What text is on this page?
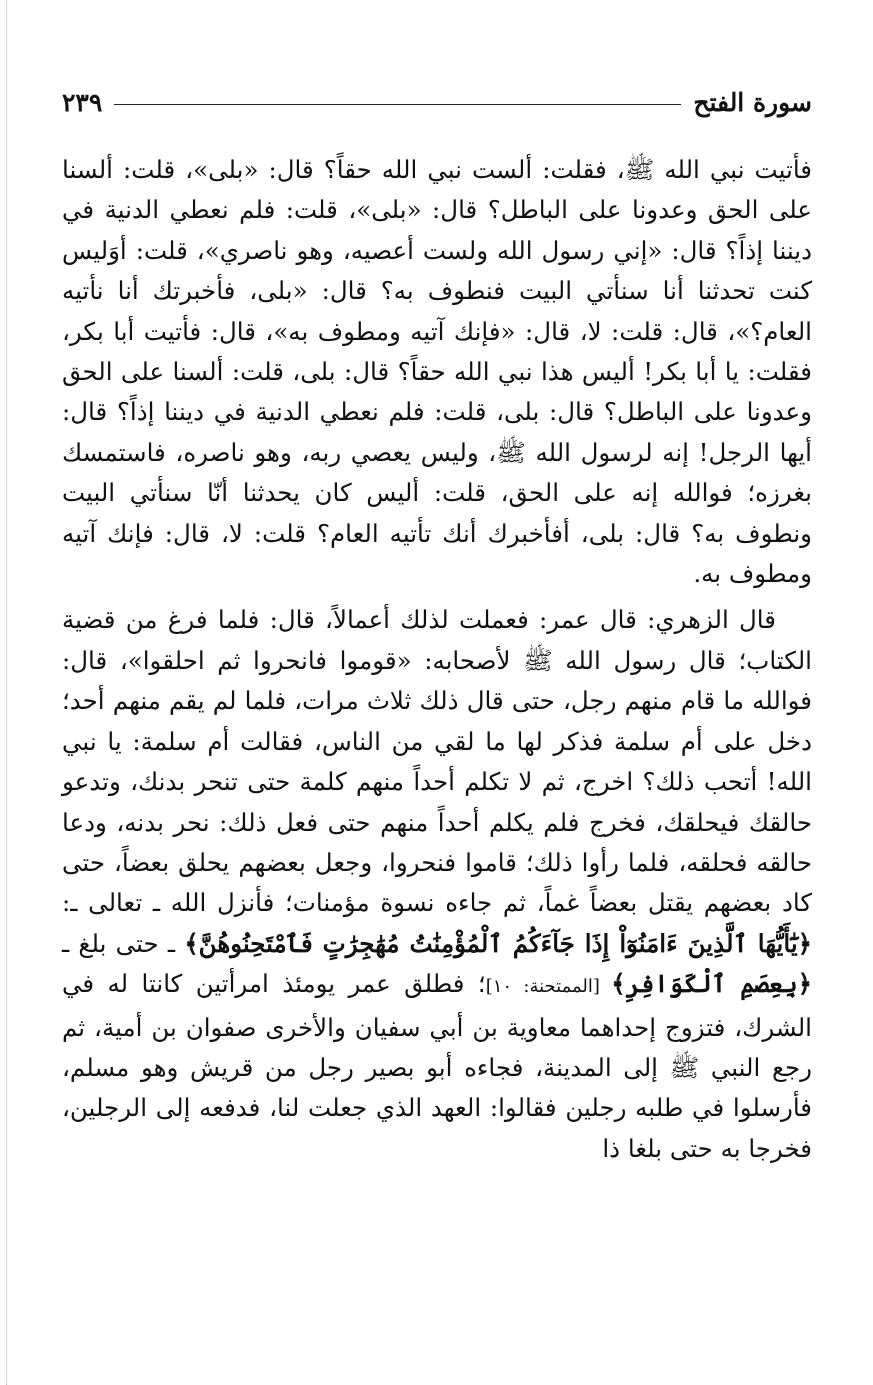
سورة الفتح
٢٣٩

فأتيت نبي الله ﷺ، فقلت: ألست نبي الله حقاً؟ قال: «بلى»، قلت: ألسنا على الحق وعدونا على الباطل؟ قال: «بلى»، قلت: فلم نعطي الدنية في ديننا إذاً؟ قال: «إني رسول الله ولست أعصيه، وهو ناصري»، قلت: أوَليس كنت تحدثنا أنا سنأتي البيت فنطوف به؟ قال: «بلى، فأخبرتك أنا نأتيه العام؟»، قال: قلت: لا، قال: «فإنك آتيه ومطوف به»، قال: فأتيت أبا بكر، فقلت: يا أبا بكر! أليس هذا نبي الله حقاً؟ قال: بلى، قلت: ألسنا على الحق وعدونا على الباطل؟ قال: بلى، قلت: فلم نعطي الدنية في ديننا إذاً؟ قال: أيها الرجل! إنه لرسول الله ﷺ، وليس يعصي ربه، وهو ناصره، فاستمسك بغرزه؛ فوالله إنه على الحق، قلت: أليس كان يحدثنا أنّا سنأتي البيت ونطوف به؟ قال: بلى، أفأخبرك أنك تأتيه العام؟ قلت: لا، قال: فإنك آتيه ومطوف به.

قال الزهري: قال عمر: فعملت لذلك أعمالاً، قال: فلما فرغ من قضية الكتاب؛ قال رسول الله ﷺ لأصحابه: «قوموا فانحروا ثم احلقوا»، قال: فوالله ما قام منهم رجل، حتى قال ذلك ثلاث مرات، فلما لم يقم منهم أحد؛ دخل على أم سلمة فذكر لها ما لقي من الناس، فقالت أم سلمة: يا نبي الله! أتحب ذلك؟ اخرج، ثم لا تكلم أحداً منهم كلمة حتى تنحر بدنك، وتدعو حالقك فيحلقك، فخرج فلم يكلم أحداً منهم حتى فعل ذلك: نحر بدنه، ودعا حالقه فحلقه، فلما رأوا ذلك؛ قاموا فنحروا، وجعل بعضهم يحلق بعضاً، حتى كاد بعضهم يقتل بعضاً غماً، ثم جاءه نسوة مؤمنات؛ فأنزل الله ـ تعالى ـ: ﴿يَٰٓأَيُّهَا ٱلَّذِينَ ءَامَنُوٓاْ إِذَا جَآءَكُمُ ٱلْمُؤْمِنَٰتُ مُهَٰجِرَٰتٍ فَٱمْتَحِنُوهُنَّ﴾ ـ حتى بلغ ـ ﴿بِعِصَمِ ٱلْكَوَافِرِ﴾ [الممتحنة: ١٠]؛ فطلق عمر يومئذ امرأتين كانتا له في الشرك، فتزوج إحداهما معاوية بن أبي سفيان والأخرى صفوان بن أمية، ثم رجع النبي ﷺ إلى المدينة، فجاءه أبو بصير رجل من قريش وهو مسلم، فأرسلوا في طلبه رجلين فقالوا: العهد الذي جعلت لنا، فدفعه إلى الرجلين، فخرجا به حتى بلغا ذا
